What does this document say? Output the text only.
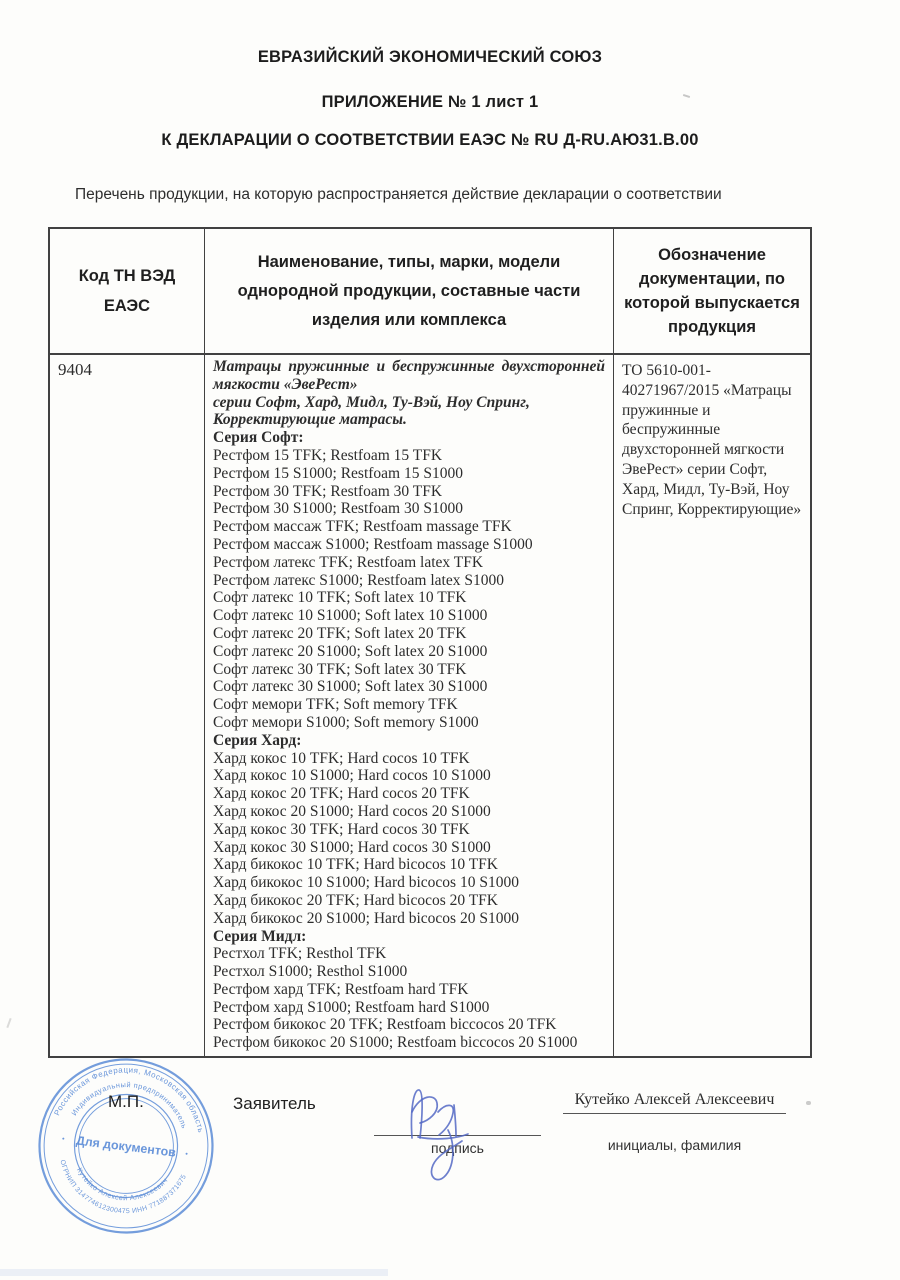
ЕВРАЗИЙСКИЙ ЭКОНОМИЧЕСКИЙ СОЮЗ
ПРИЛОЖЕНИЕ № 1 лист 1
К ДЕКЛАРАЦИИ О СООТВЕТСТВИИ ЕАЭС № RU Д-RU.АЮ31.В.00
Перечень продукции, на которую распространяется действие декларации о соответствии
Код ТН ВЭД ЕАЭС
Наименование, типы, марки, модели однородной продукции, составные части изделия или комплекса
Обозначение документации, по которой выпускается продукция
9404	Матрацы пружинные и беспружинные двухсторонней мягкости «ЭвеРест»

серии Софт, Хард, Мидл, Ту-Вэй, Ноу Спринг, Корректирующие матрасы.

Серия Софт:
Рестфом 15 TFK; Restfoam 15 TFK
Рестфом 15 S1000; Restfoam 15 S1000
Рестфом 30 TFK; Restfoam 30 TFK
Рестфом 30 S1000; Restfoam 30 S1000
Рестфом массаж TFK; Restfoam massage TFK
Рестфом массаж S1000; Restfoam massage S1000
Рестфом латекс TFK; Restfoam latex TFK
Рестфом латекс S1000; Restfoam latex S1000
Софт латекс 10 TFK; Soft latex 10 TFK
Софт латекс 10 S1000; Soft latex 10 S1000
Софт латекс 20 TFK; Soft latex 20 TFK
Софт латекс 20 S1000; Soft latex 20 S1000
Софт латекс 30 TFK; Soft latex 30 TFK
Софт латекс 30 S1000; Soft latex 30 S1000
Софт мемори TFK; Soft memory TFK
Софт мемори S1000; Soft memory S1000
Серия Хард:
Хард кокос 10 TFK; Hard cocos 10 TFK
Хард кокос 10 S1000; Hard cocos 10 S1000
Хард кокос 20 TFK; Hard cocos 20 TFK
Хард кокос 20 S1000; Hard cocos 20 S1000
Хард кокос 30 TFK; Hard cocos 30 TFK
Хард кокос 30 S1000; Hard cocos 30 S1000
Хард бикокос 10 TFK; Hard bicocos 10 TFK
Хард бикокос 10 S1000; Hard bicocos 10 S1000
Хард бикокос 20 TFK; Hard bicocos 20 TFK
Хард бикокос 20 S1000; Hard bicocos 20 S1000
Серия Мидл:
Рестхол TFK; Resthol TFK
Рестхол S1000; Resthol S1000
Рестфом хард TFK; Restfoam hard TFK
Рестфом хард S1000; Restfoam hard S1000
Рестфом бикокос 20 TFK; Restfoam biccocos 20 TFK
Рестфом бикокос 20 S1000; Restfoam biccocos 20 S1000
ТО 5610-001-40271967/2015 «Матрацы пружинные и беспружинные двухсторонней мягкости ЭвеРест» серии Софт, Хард, Мидл, Ту-Вэй, Ноу Спринг, Корректирующие»
М.П.	Заявитель
подпись
Кутейко Алексей Алексеевич
инициалы, фамилия
Российская Федерация, Московская область
ОГРНИП 314774612300475 ИНН 771887371675
Индивидуальный предприниматель
Кутейко Алексей Алексеевич
•
•
Для документов
